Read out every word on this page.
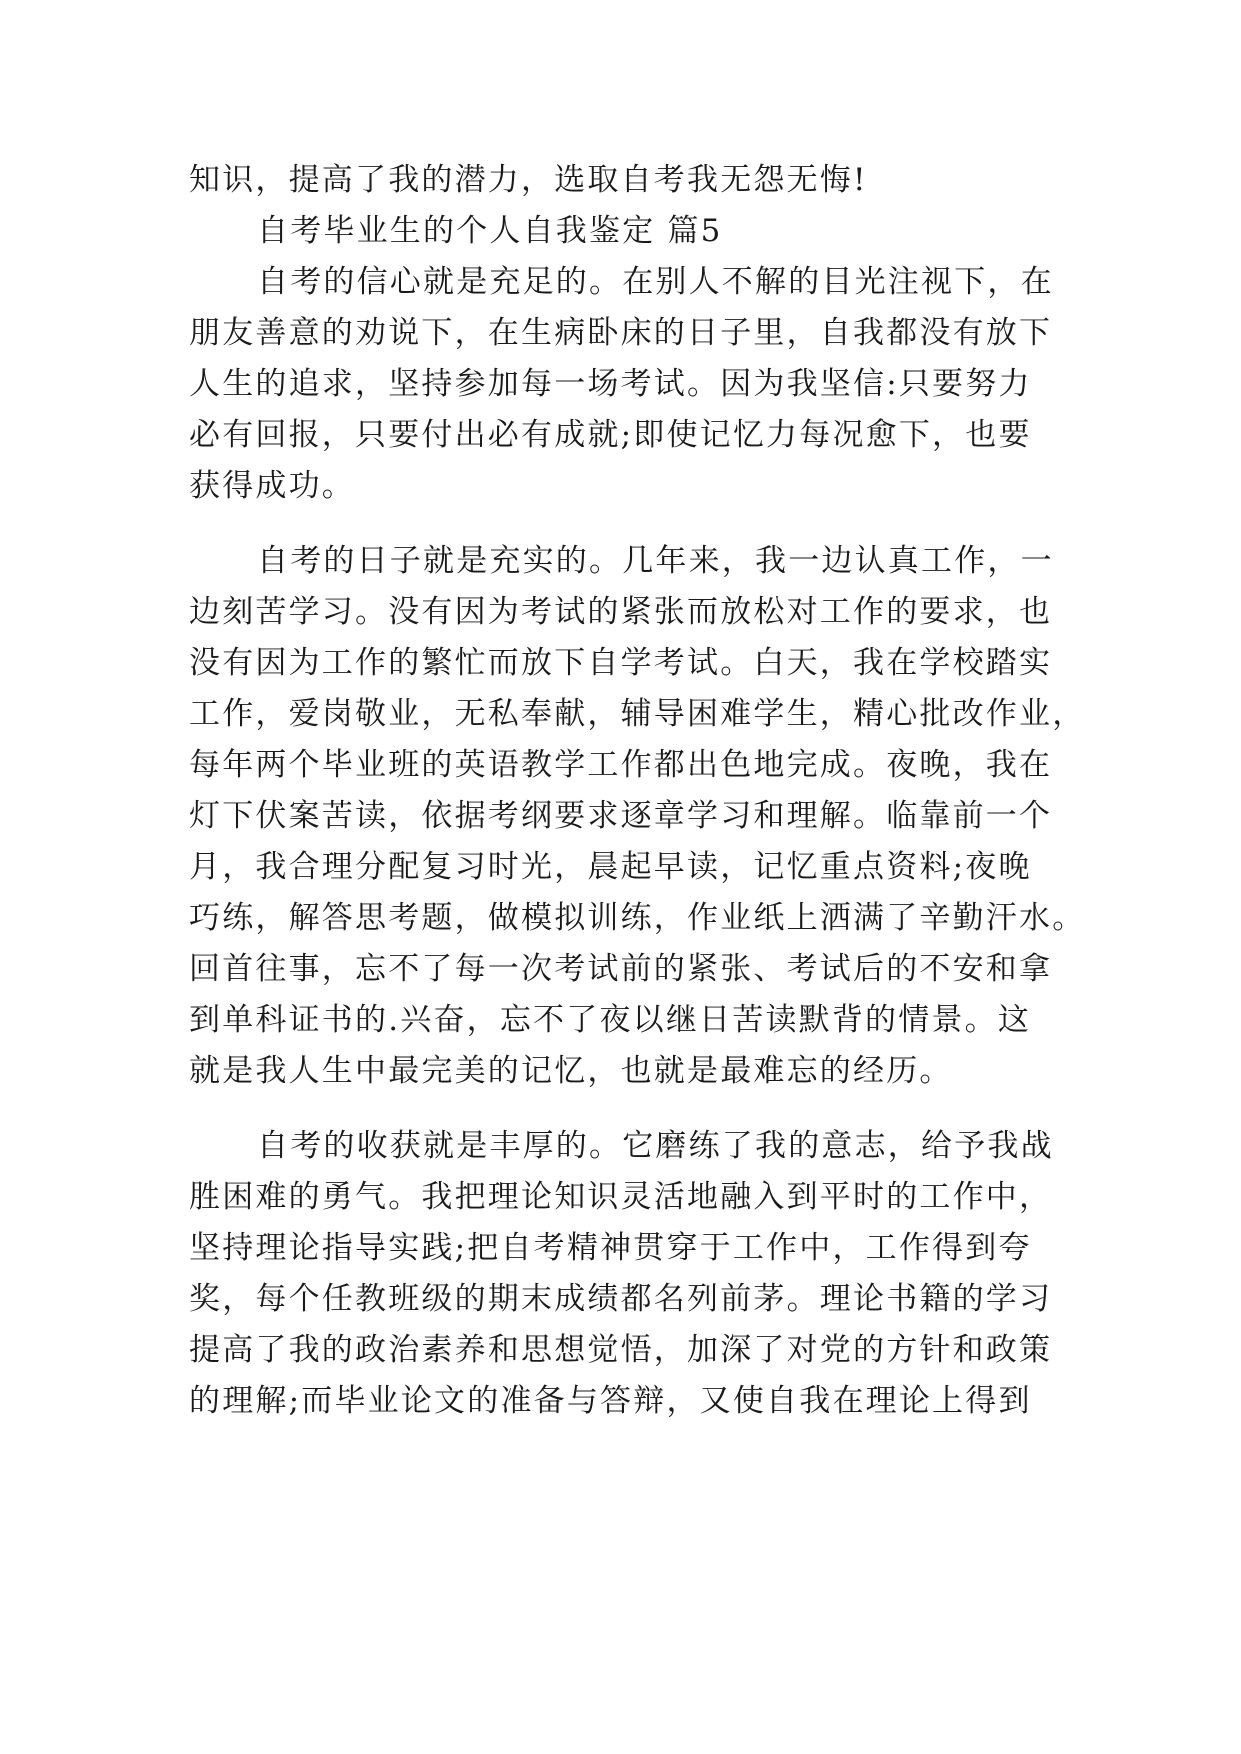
知识，提高了我的潜力，选取自考我无怨无悔!
自考毕业生的个人自我鉴定 篇5
自考的信心就是充足的。在别人不解的目光注视下，在
朋友善意的劝说下，在生病卧床的日子里，自我都没有放下
人生的追求，坚持参加每一场考试。因为我坚信:只要努力
必有回报，只要付出必有成就;即使记忆力每况愈下，也要
获得成功。
自考的日子就是充实的。几年来，我一边认真工作，一
边刻苦学习。没有因为考试的紧张而放松对工作的要求，也
没有因为工作的繁忙而放下自学考试。白天，我在学校踏实
工作，爱岗敬业，无私奉献，辅导困难学生，精心批改作业，
每年两个毕业班的英语教学工作都出色地完成。夜晚，我在
灯下伏案苦读，依据考纲要求逐章学习和理解。临靠前一个
月，我合理分配复习时光，晨起早读，记忆重点资料;夜晚
巧练，解答思考题，做模拟训练，作业纸上洒满了辛勤汗水。
回首往事，忘不了每一次考试前的紧张、考试后的不安和拿
到单科证书的.兴奋，忘不了夜以继日苦读默背的情景。这
就是我人生中最完美的记忆，也就是最难忘的经历。
自考的收获就是丰厚的。它磨练了我的意志，给予我战
胜困难的勇气。我把理论知识灵活地融入到平时的工作中，
坚持理论指导实践;把自考精神贯穿于工作中，工作得到夸
奖，每个任教班级的期末成绩都名列前茅。理论书籍的学习
提高了我的政治素养和思想觉悟，加深了对党的方针和政策
的理解;而毕业论文的准备与答辩，又使自我在理论上得到
